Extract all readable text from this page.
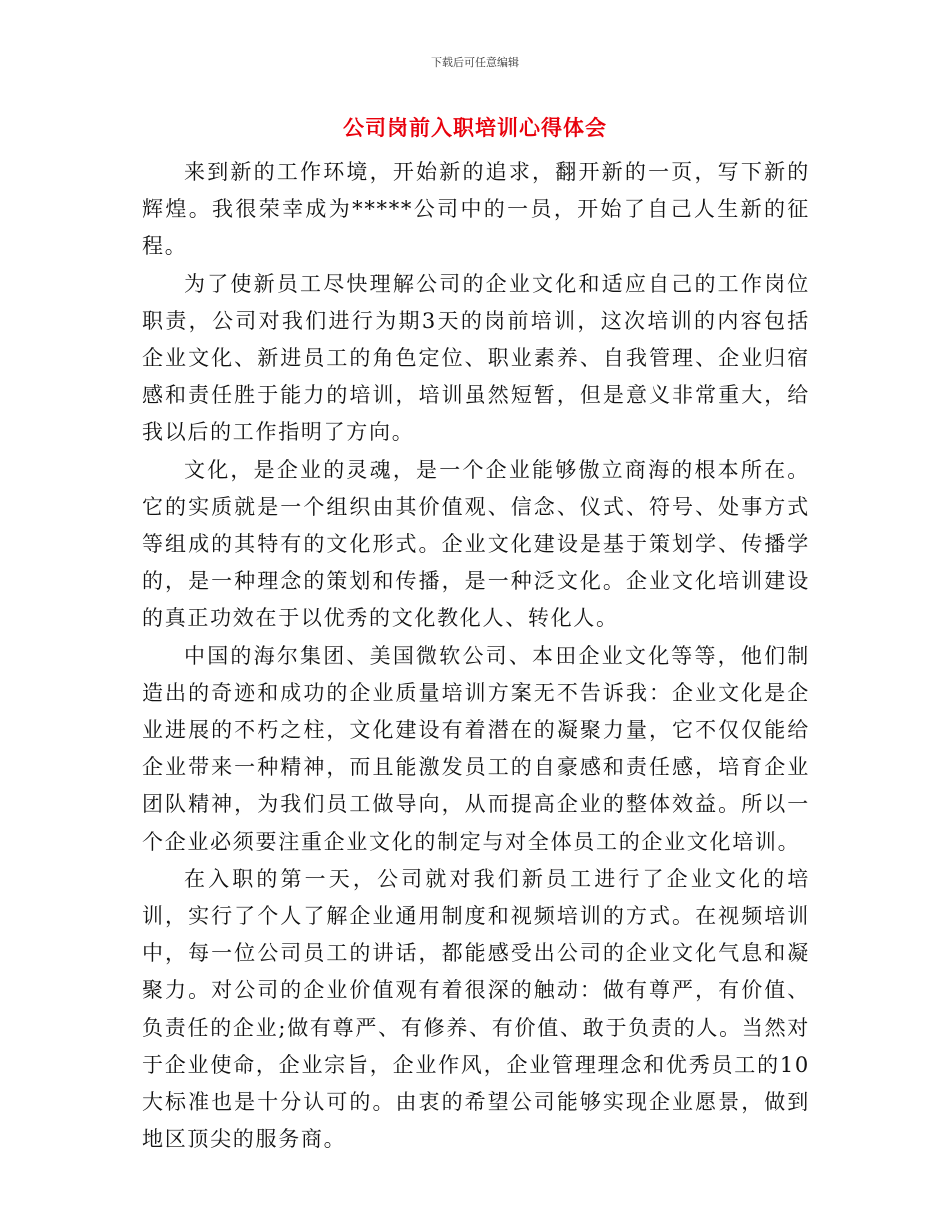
下载后可任意编辑
公司岗前入职培训心得体会

来到新的工作环境，开始新的追求，翻开新的一页，写下新的辉煌。我很荣幸成为*****公司中的一员，开始了自己人生新的征程。

为了使新员工尽快理解公司的企业文化和适应自己的工作岗位职责，公司对我们进行为期3天的岗前培训，这次培训的内容包括企业文化、新进员工的角色定位、职业素养、自我管理、企业归宿感和责任胜于能力的培训，培训虽然短暂，但是意义非常重大，给我以后的工作指明了方向。

文化，是企业的灵魂，是一个企业能够傲立商海的根本所在。它的实质就是一个组织由其价值观、信念、仪式、符号、处事方式等组成的其特有的文化形式。企业文化建设是基于策划学、传播学的，是一种理念的策划和传播，是一种泛文化。企业文化培训建设的真正功效在于以优秀的文化教化人、转化人。

中国的海尔集团、美国微软公司、本田企业文化等等，他们制造出的奇迹和成功的企业质量培训方案无不告诉我：企业文化是企业进展的不朽之柱，文化建设有着潜在的凝聚力量，它不仅仅能给企业带来一种精神，而且能激发员工的自豪感和责任感，培育企业团队精神，为我们员工做导向，从而提高企业的整体效益。所以一个企业必须要注重企业文化的制定与对全体员工的企业文化培训。

在入职的第一天，公司就对我们新员工进行了企业文化的培训，实行了个人了解企业通用制度和视频培训的方式。在视频培训中，每一位公司员工的讲话，都能感受出公司的企业文化气息和凝聚力。对公司的企业价值观有着很深的触动：做有尊严，有价值、负责任的企业;做有尊严、有修养、有价值、敢于负责的人。当然对于企业使命，企业宗旨，企业作风，企业管理理念和优秀员工的10大标准也是十分认可的。由衷的希望公司能够实现企业愿景，做到地区顶尖的服务商。
